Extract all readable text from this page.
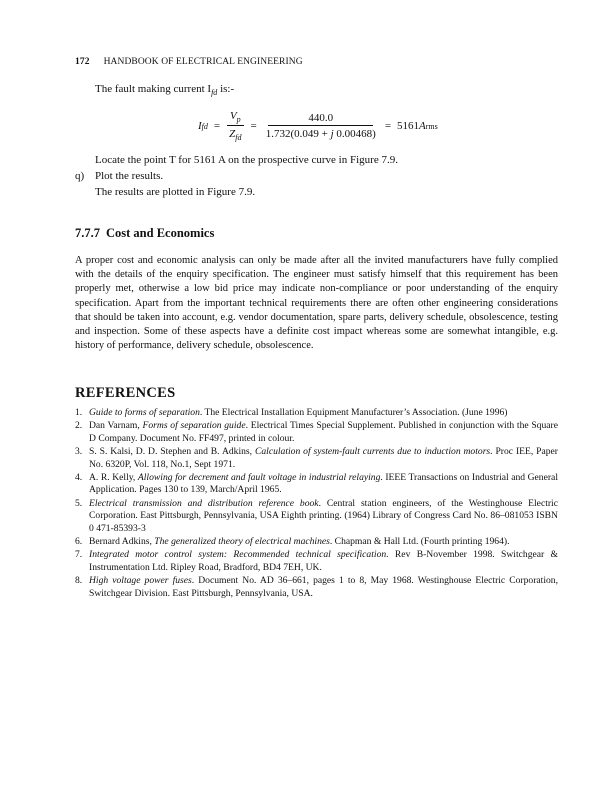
172 HANDBOOK OF ELECTRICAL ENGINEERING
The fault making current $I_{fd}$ is:-
I fd = $\frac{V_p}{Z_{fd}} = \frac{440.0}{1.732(0.049 + j 0.00468)} = 5161$ A rms
Locate the point T for 5161 A on the prospective curve in Figure 7.9.
q) Plot the results.
The results are plotted in Figure 7.9.
7.7.7 Cost and Economics
A proper cost and economic analysis can only be made after all the invited manufacturers have fully complied with the details of the enquiry specification. The engineer must satisfy himself that this requirement has been properly met, otherwise a low bid price may indicate non-compliance or poor understanding of the enquiry specification. Apart from the important technical requirements there are often other engineering considerations that should be taken into account, e.g. vendor documentation, spare parts, delivery schedule, obsolescence, testing and inspection. Some of these aspects have a definite cost impact whereas some are somewhat intangible, e.g. history of performance, delivery schedule, obsolescence.
REFERENCES
1. Guide to forms of separation. The Electrical Installation Equipment Manufacturer’s Association. (June 1996)
2. Dan Varnam, Forms of separation guide. Electrical Times Special Supplement. Published in conjunction with the Square D Company. Document No. FF497, printed in colour.
3. S. S. Kalsi, D. D. Stephen and B. Adkins, Calculation of system-fault currents due to induction motors. Proc IEE, Paper No. 6320P, Vol. 118, No.1, Sept 1971.
4. A. R. Kelly, Allowing for decrement and fault voltage in industrial relaying. IEEE Transactions on Industrial and General Application. Pages 130 to 139, March/April 1965.
5. Electrical transmission and distribution reference book. Central station engineers, of the Westinghouse Electric Corporation. East Pittsburgh, Pennsylvania, USA Eighth printing. (1964) Library of Congress Card No. 86–081053 ISBN 0 471-85393-3
6. Bernard Adkins, The generalized theory of electrical machines. Chapman & Hall Ltd. (Fourth printing 1964).
7. Integrated motor control system: Recommended technical specification. Rev B-November 1998. Switchgear & Instrumentation Ltd. Ripley Road, Bradford, BD4 7EH, UK.
8. High voltage power fuses. Document No. AD 36–661, pages 1 to 8, May 1968. Westinghouse Electric Corporation, Switchgear Division. East Pittsburgh, Pennsylvania, USA.
